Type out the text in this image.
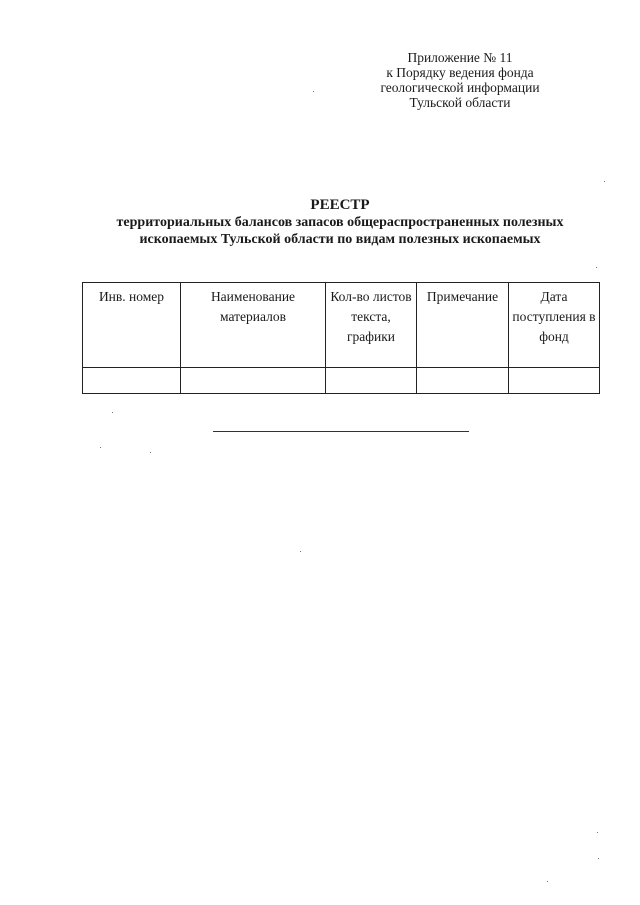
Приложение № 11
к Порядку ведения фонда
геологической информации
Тульской области
РЕЕСТР
территориальных балансов запасов общераспространенных полезных
ископаемых Тульской области по видам полезных ископаемых
Инв. номер	Наименование материалов	Кол-во листов текста, графики	Примечание	Дата поступления в фонд
